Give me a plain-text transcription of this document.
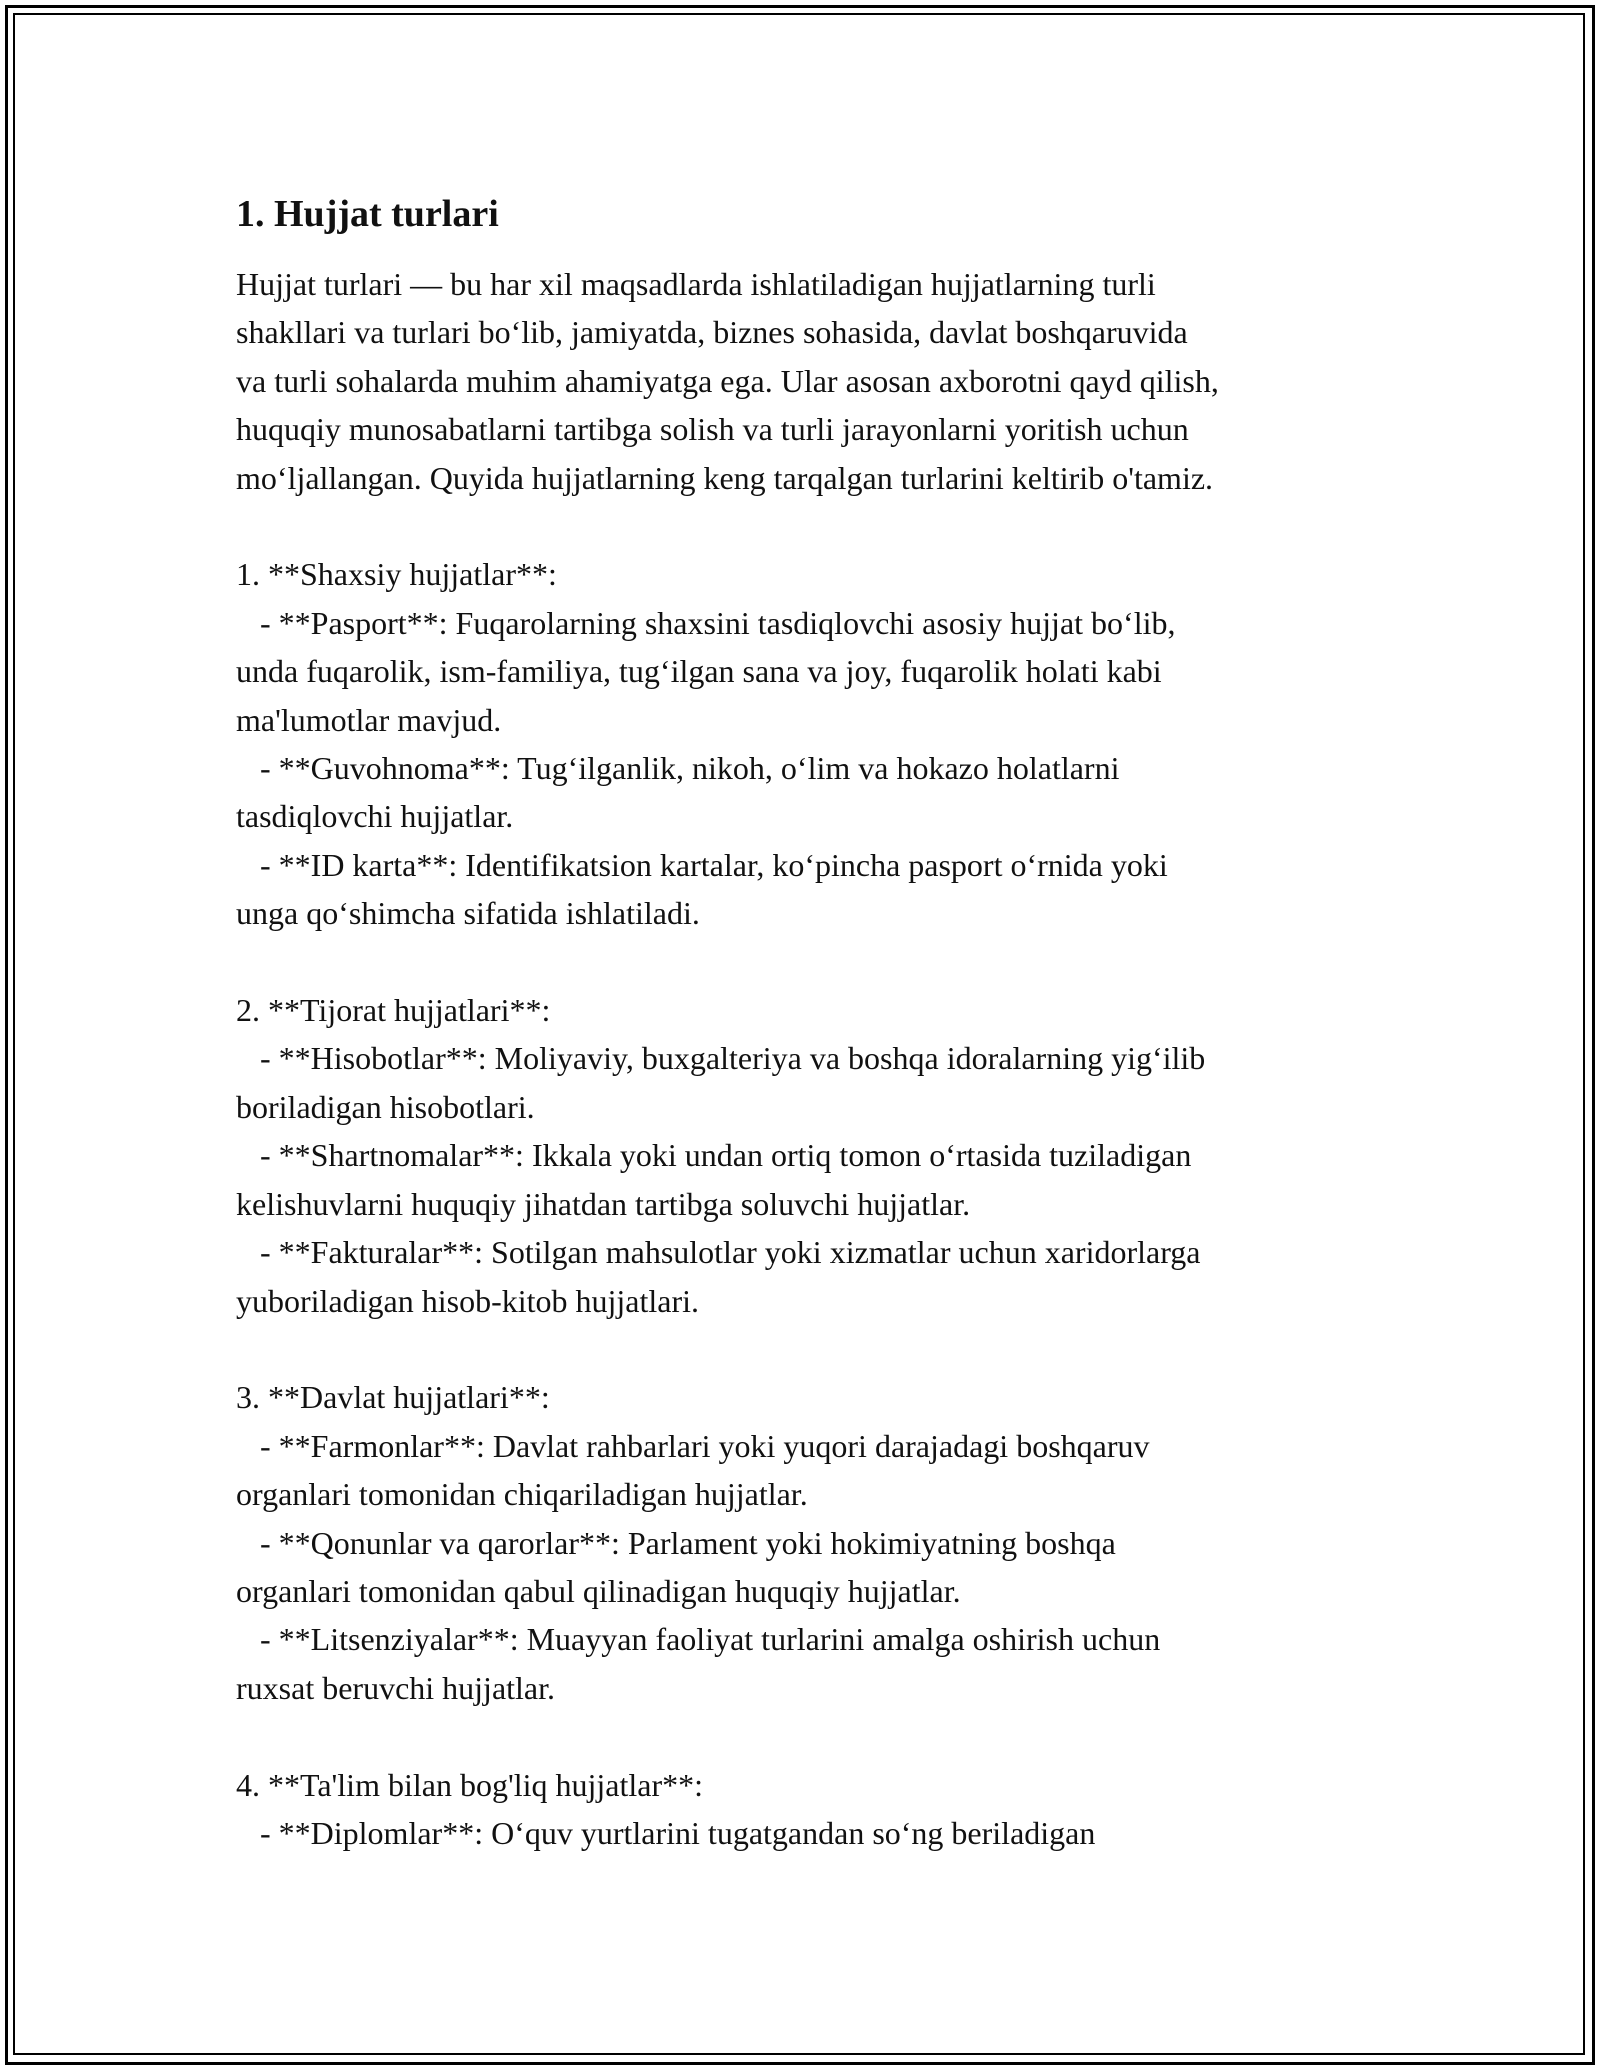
1. Hujjat turlari
Hujjat turlari — bu har xil maqsadlarda ishlatiladigan hujjatlarning turli
shakllari va turlari bo‘lib, jamiyatda, biznes sohasida, davlat boshqaruvida
va turli sohalarda muhim ahamiyatga ega. Ular asosan axborotni qayd qilish,
huquqiy munosabatlarni tartibga solish va turli jarayonlarni yoritish uchun
mo‘ljallangan. Quyida hujjatlarning keng tarqalgan turlarini keltirib o'tamiz.
1. **Shaxsiy hujjatlar**:
- **Pasport**: Fuqarolarning shaxsini tasdiqlovchi asosiy hujjat bo‘lib,
unda fuqarolik, ism-familiya, tug‘ilgan sana va joy, fuqarolik holati kabi
ma'lumotlar mavjud.
- **Guvohnoma**: Tug‘ilganlik, nikoh, o‘lim va hokazo holatlarni
tasdiqlovchi hujjatlar.
- **ID karta**: Identifikatsion kartalar, ko‘pincha pasport o‘rnida yoki
unga qo‘shimcha sifatida ishlatiladi.
2. **Tijorat hujjatlari**:
- **Hisobotlar**: Moliyaviy, buxgalteriya va boshqa idoralarning yig‘ilib
boriladigan hisobotlari.
- **Shartnomalar**: Ikkala yoki undan ortiq tomon o‘rtasida tuziladigan
kelishuvlarni huquqiy jihatdan tartibga soluvchi hujjatlar.
- **Fakturalar**: Sotilgan mahsulotlar yoki xizmatlar uchun xaridorlarga
yuboriladigan hisob-kitob hujjatlari.
3. **Davlat hujjatlari**:
- **Farmonlar**: Davlat rahbarlari yoki yuqori darajadagi boshqaruv
organlari tomonidan chiqariladigan hujjatlar.
- **Qonunlar va qarorlar**: Parlament yoki hokimiyatning boshqa
organlari tomonidan qabul qilinadigan huquqiy hujjatlar.
- **Litsenziyalar**: Muayyan faoliyat turlarini amalga oshirish uchun
ruxsat beruvchi hujjatlar.
4. **Ta'lim bilan bog'liq hujjatlar**:
- **Diplomlar**: O‘quv yurtlarini tugatgandan so‘ng beriladigan
